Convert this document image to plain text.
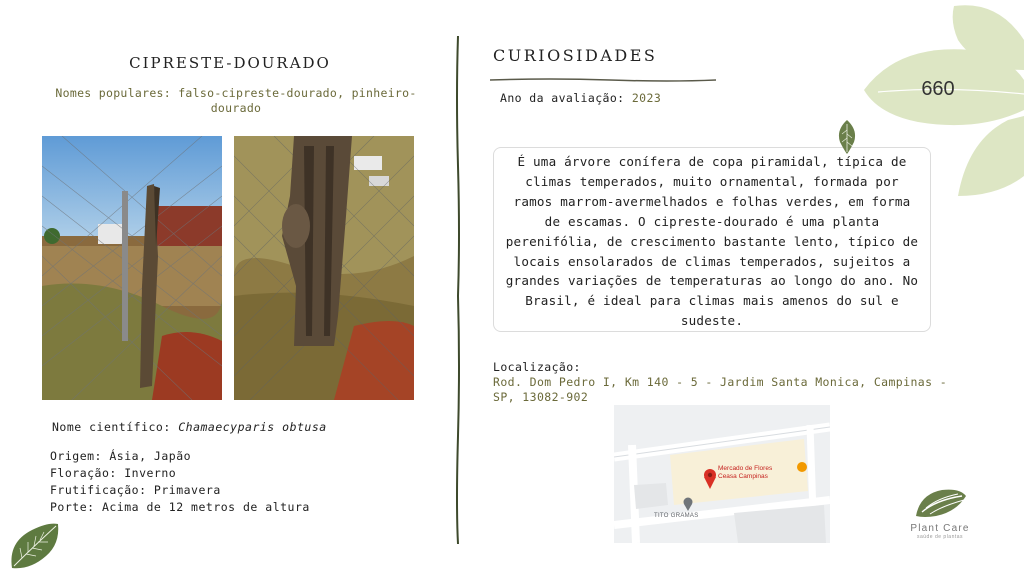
CIPRESTE-DOURADO
Nomes populares: falso-cipreste-dourado, pinheiro-dourado
Nome científico: Chamaecyparis obtusa
Origem: Ásia, Japão
Floração: Inverno
Frutificação: Primavera
Porte: Acima de 12 metros de altura
CURIOSIDADES
Ano da avaliação: 2023
É uma árvore conífera de copa piramidal, típica de climas temperados, muito ornamental, formada por ramos marrom-avermelhados e folhas verdes, em forma de escamas. O cipreste-dourado é uma planta perenifólia, de crescimento bastante lento, típico de locais ensolarados de climas temperados, sujeitos a grandes variações de temperaturas ao longo do ano. No Brasil, é ideal para climas mais amenos do sul e sudeste.
Localização:
Rod. Dom Pedro I, Km 140 - 5 - Jardim Santa Monica, Campinas - SP, 13082-902
Mercado de Flores
Ceasa Campinas
TITO GRAMAS
660
Plant Care
saúde de plantas
